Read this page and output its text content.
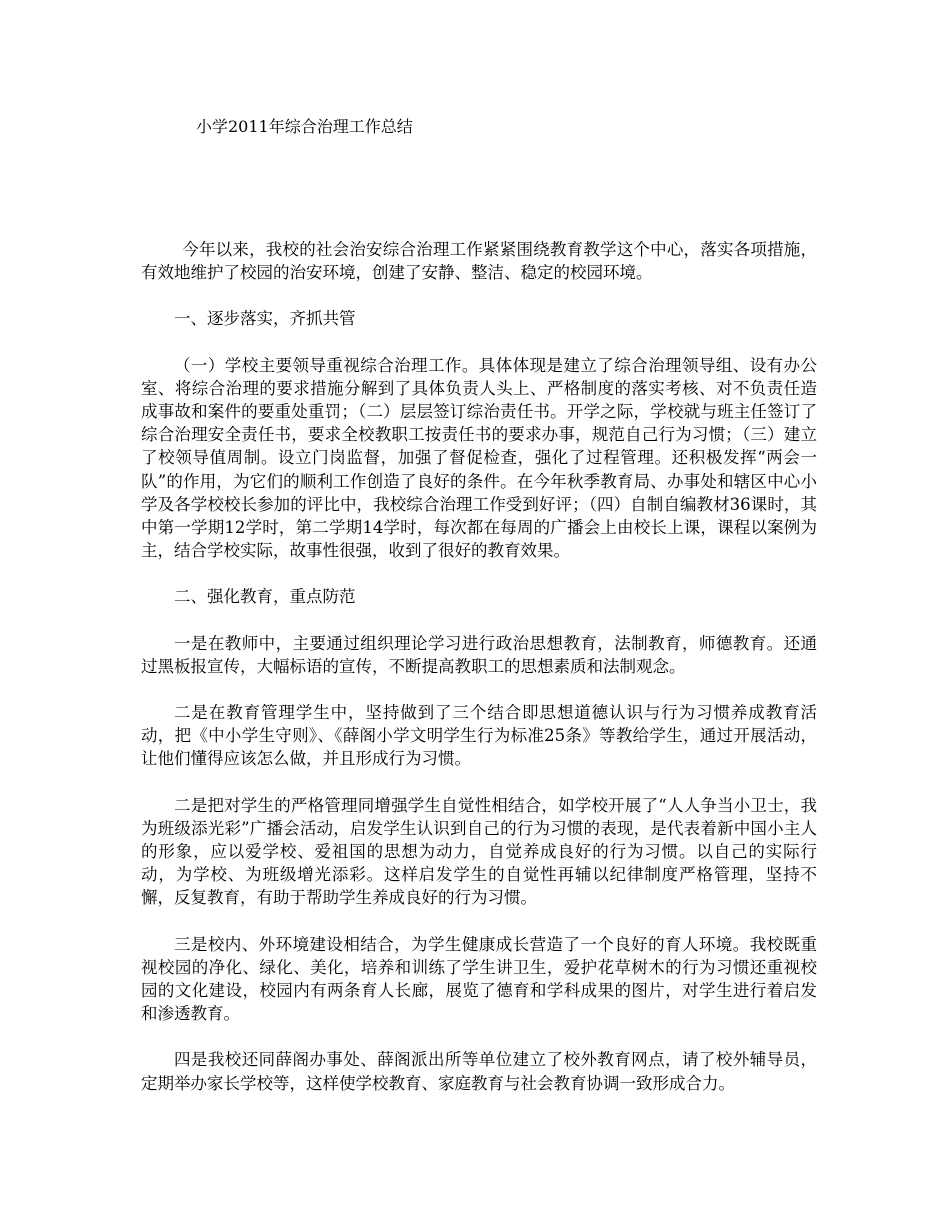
小学2011年综合治理工作总结

今年以来，我校的社会治安综合治理工作紧紧围绕教育教学这个中心，落实各项措施，有效地维护了校园的治安环境，创建了安静、整洁、稳定的校园环境。

一、逐步落实，齐抓共管

（一）学校主要领导重视综合治理工作。具体体现是建立了综合治理领导组、设有办公室、将综合治理的要求措施分解到了具体负责人头上、严格制度的落实考核、对不负责任造成事故和案件的要重处重罚；（二）层层签订综治责任书。开学之际，学校就与班主任签订了综合治理安全责任书，要求全校教职工按责任书的要求办事，规范自己行为习惯；（三）建立了校领导值周制。设立门岗监督，加强了督促检查，强化了过程管理。还积极发挥“两会一队”的作用，为它们的顺利工作创造了良好的条件。在今年秋季教育局、办事处和辖区中心小学及各学校校长参加的评比中，我校综合治理工作受到好评；（四）自制自编教材36课时，其中第一学期12学时，第二学期14学时，每次都在每周的广播会上由校长上课，课程以案例为主，结合学校实际，故事性很强，收到了很好的教育效果。

二、强化教育，重点防范

一是在教师中，主要通过组织理论学习进行政治思想教育，法制教育，师德教育。还通过黑板报宣传，大幅标语的宣传，不断提高教职工的思想素质和法制观念。

二是在教育管理学生中，坚持做到了三个结合即思想道德认识与行为习惯养成教育活动，把《中小学生守则》、《薛阁小学文明学生行为标准25条》等教给学生，通过开展活动，让他们懂得应该怎么做，并且形成行为习惯。

二是把对学生的严格管理同增强学生自觉性相结合，如学校开展了“人人争当小卫士，我为班级添光彩”广播会活动，启发学生认识到自己的行为习惯的表现，是代表着新中国小主人的形象，应以爱学校、爱祖国的思想为动力，自觉养成良好的行为习惯。以自己的实际行动，为学校、为班级增光添彩。这样启发学生的自觉性再辅以纪律制度严格管理，坚持不懈，反复教育，有助于帮助学生养成良好的行为习惯。

三是校内、外环境建设相结合，为学生健康成长营造了一个良好的育人环境。我校既重视校园的净化、绿化、美化，培养和训练了学生讲卫生，爱护花草树木的行为习惯还重视校园的文化建设，校园内有两条育人长廊，展览了德育和学科成果的图片，对学生进行着启发和渗透教育。

四是我校还同薛阁办事处、薛阁派出所等单位建立了校外教育网点，请了校外辅导员，定期举办家长学校等，这样使学校教育、家庭教育与社会教育协调一致形成合力。
